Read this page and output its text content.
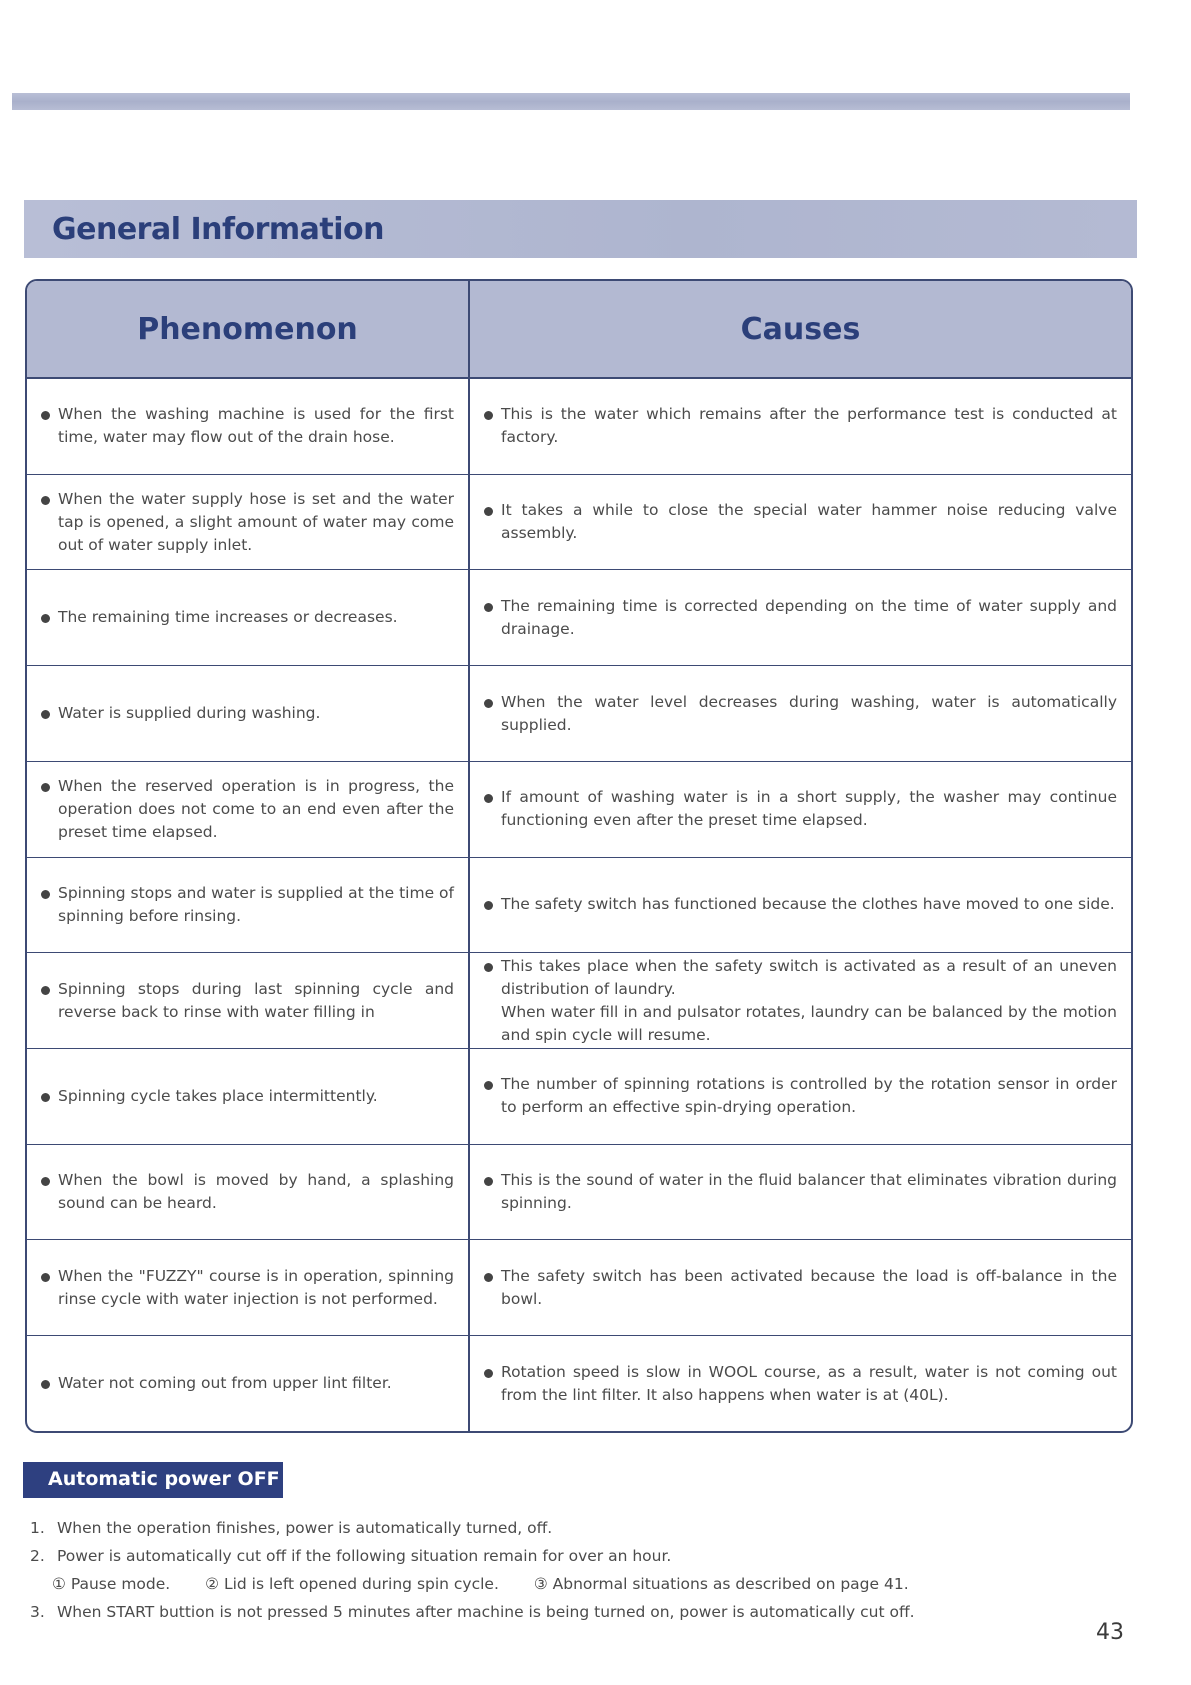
General Information
Phenomenon	Causes

When the washing machine is used for the first time, water may flow out of the drain hose.	This is the water which remains after the performance test is conducted at factory.

When the water supply hose is set and the water tap is opened, a slight amount of water may come out of water supply inlet.	It takes a while to close the special water hammer noise reducing valve assembly.

The remaining time increases or decreases.	The remaining time is corrected depending on the time of water supply and drainage.

Water is supplied during washing.	When the water level decreases during washing, water is automatically supplied.

When the reserved operation is in progress, the operation does not come to an end even after the preset time elapsed.	If amount of washing water is in a short supply, the washer may continue functioning even after the preset time elapsed.

Spinning stops and water is supplied at the time of spinning before rinsing.	The safety switch has functioned because the clothes have moved to one side.

Spinning stops during last spinning cycle and reverse back to rinse with water filling in	This takes place when the safety switch is activated as a result of an uneven distribution of laundry.
When water fill in and pulsator rotates, laundry can be balanced by the motion and spin cycle will resume.

Spinning cycle takes place intermittently.	The number of spinning rotations is controlled by the rotation sensor in order to perform an effective spin-drying operation.

When the bowl is moved by hand, a splashing sound can be heard.	This is the sound of water in the fluid balancer that eliminates vibration during spinning.

When the "FUZZY" course is in operation, spinning rinse cycle with water injection is not performed.	The safety switch has been activated because the load is off-balance in the bowl.

Water not coming out from upper lint filter.	Rotation speed is slow in WOOL course, as a result, water is not coming out from the lint filter. It also happens when water is at (40L).
Automatic power OFF
1. When the operation finishes, power is automatically turned, off.
2. Power is automatically cut off if the following situation remain for over an hour.
① Pause mode. ② Lid is left opened during spin cycle. ③ Abnormal situations as described on page 41.
3. When START buttion is not pressed 5 minutes after machine is being turned on, power is automatically cut off.
43
